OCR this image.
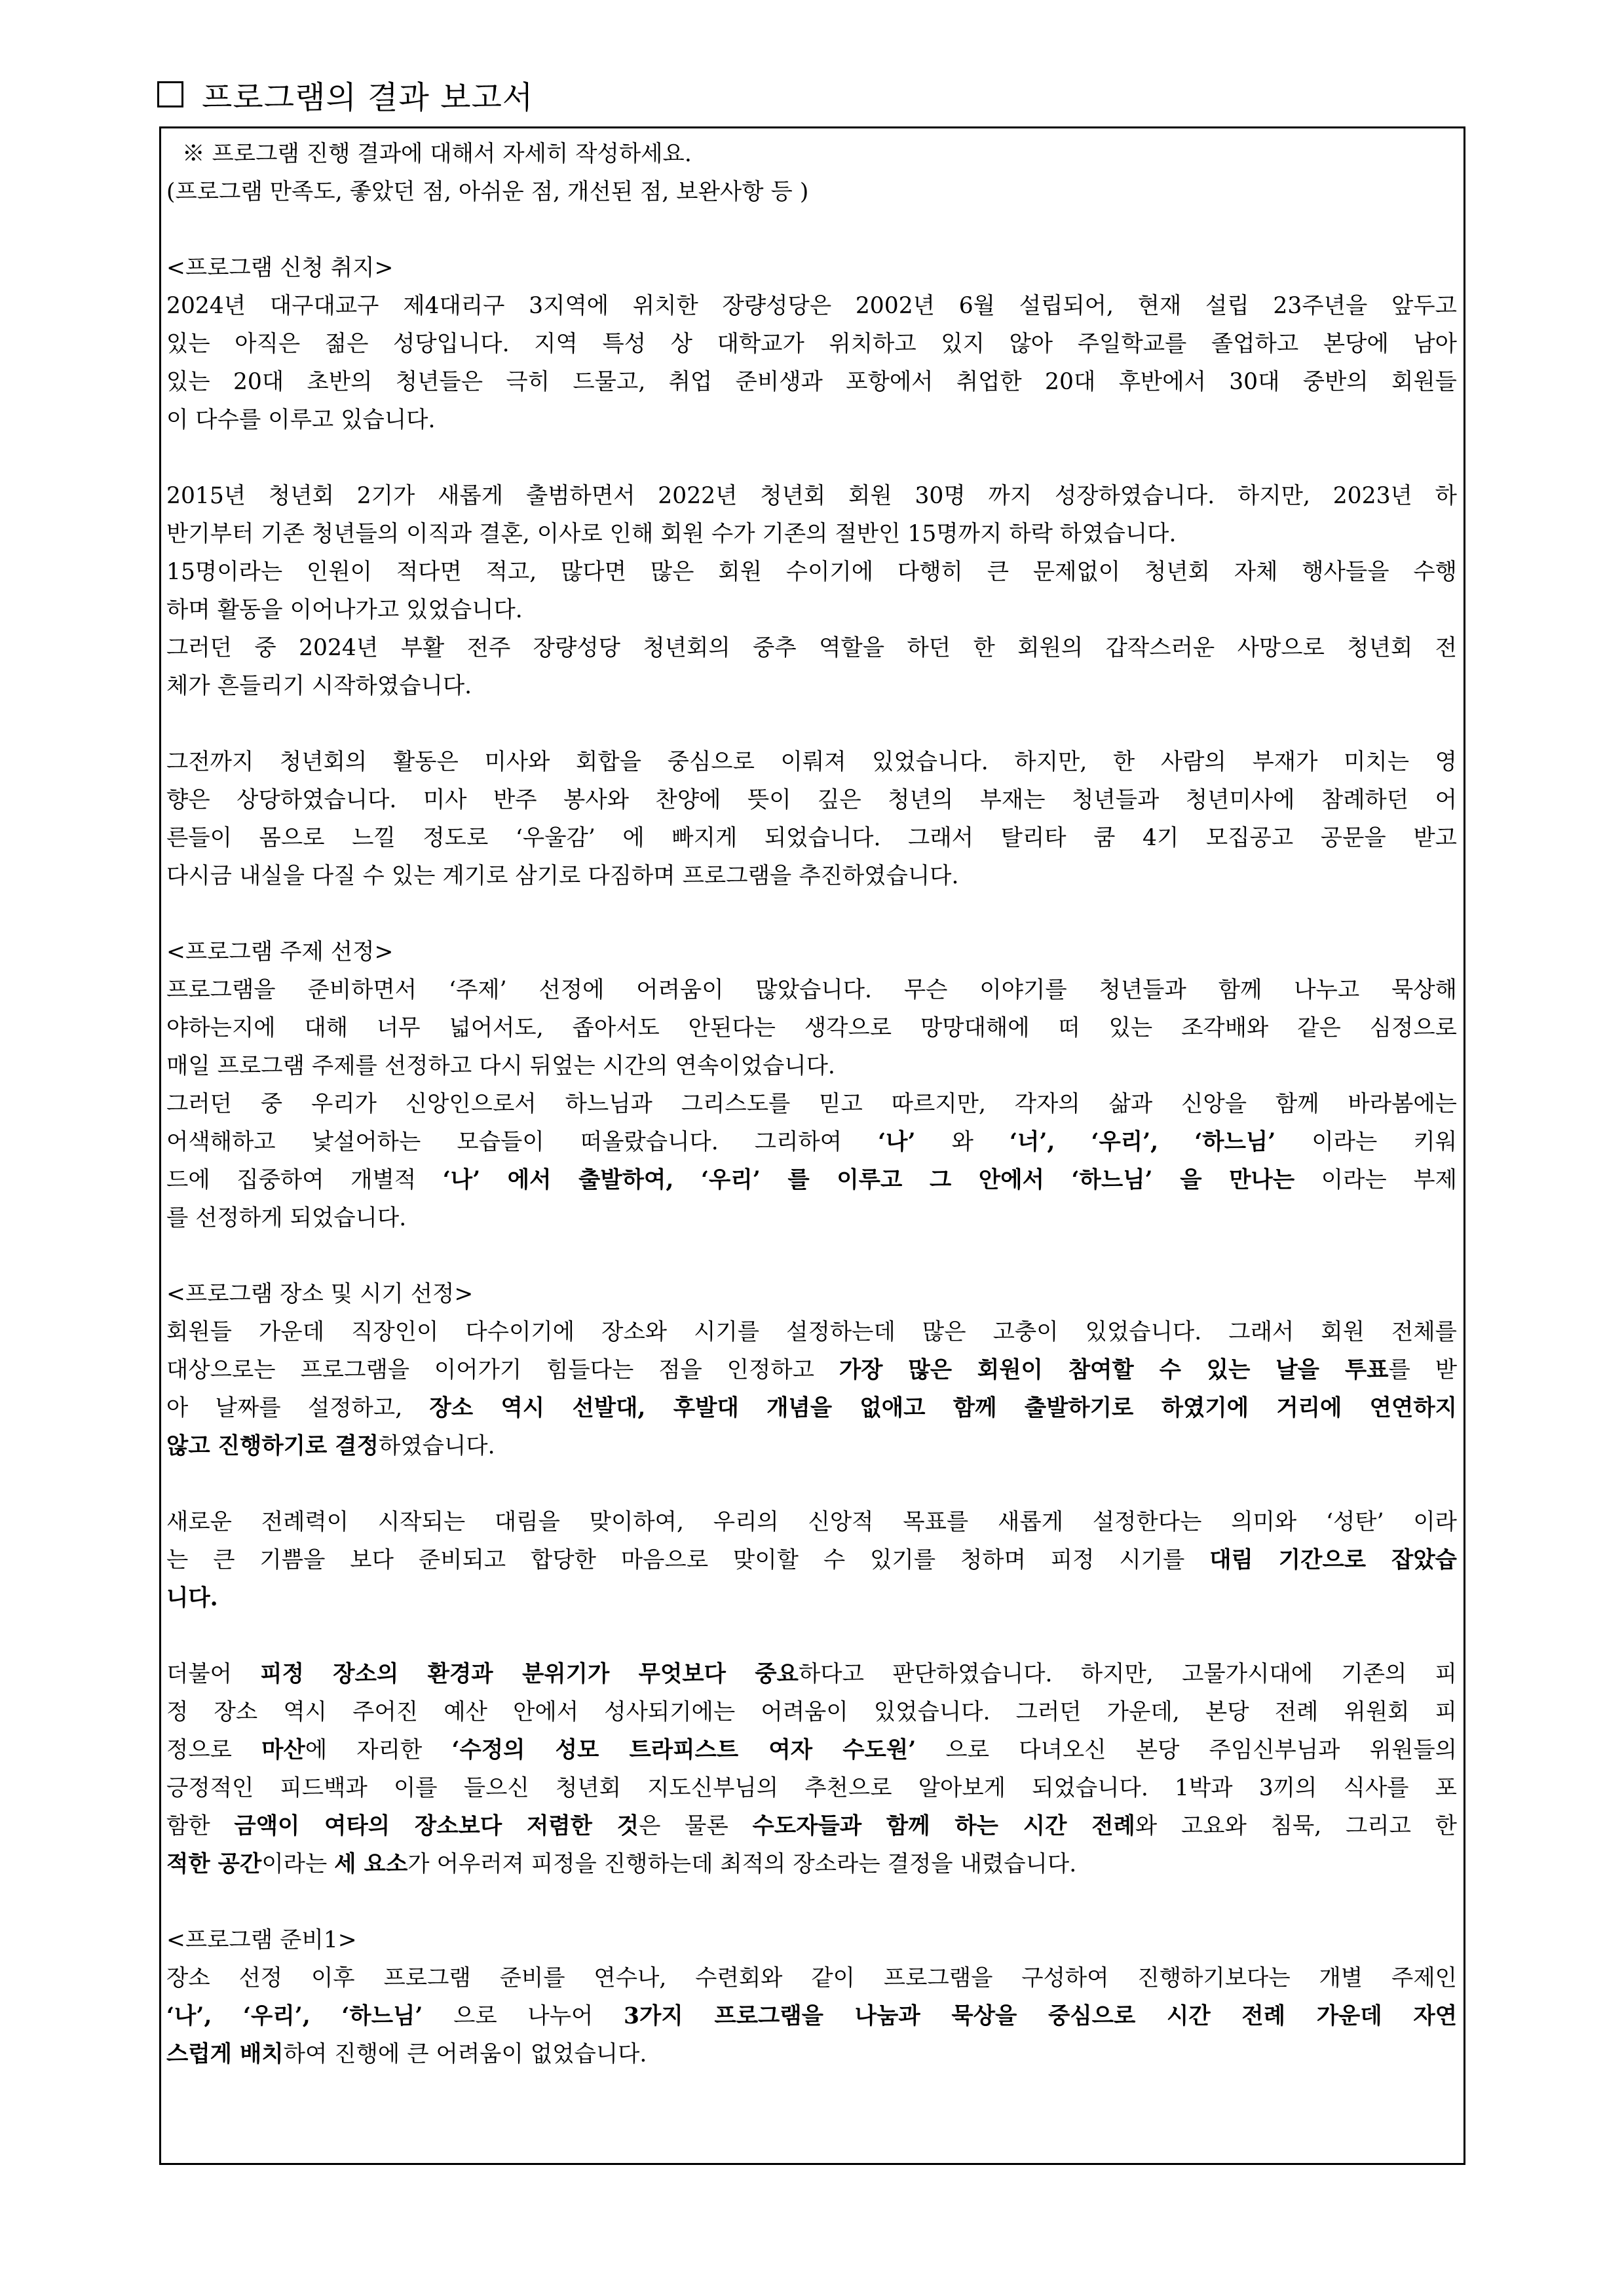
프로그램의 결과 보고서
※ 프로그램 진행 결과에 대해서 자세히 작성하세요.
(프로그램 만족도, 좋았던 점, 아쉬운 점, 개선된 점, 보완사항 등 )
<프로그램 신청 취지>
2024년 대구대교구 제4대리구 3지역에 위치한 장량성당은 2002년 6월 설립되어, 현재 설립 23주년을 앞두고
있는 아직은 젊은 성당입니다. 지역 특성 상 대학교가 위치하고 있지 않아 주일학교를 졸업하고 본당에 남아
있는 20대 초반의 청년들은 극히 드물고, 취업 준비생과 포항에서 취업한 20대 후반에서 30대 중반의 회원들
이 다수를 이루고 있습니다.
2015년 청년회 2기가 새롭게 출범하면서 2022년 청년회 회원 30명 까지 성장하였습니다. 하지만, 2023년 하
반기부터 기존 청년들의 이직과 결혼, 이사로 인해 회원 수가 기존의 절반인 15명까지 하락 하였습니다.
15명이라는 인원이 적다면 적고, 많다면 많은 회원 수이기에 다행히 큰 문제없이 청년회 자체 행사들을 수행
하며 활동을 이어나가고 있었습니다.
그러던 중 2024년 부활 전주 장량성당 청년회의 중추 역할을 하던 한 회원의 갑작스러운 사망으로 청년회 전
체가 흔들리기 시작하였습니다.
그전까지 청년회의 활동은 미사와 회합을 중심으로 이뤄져 있었습니다. 하지만, 한 사람의 부재가 미치는 영
향은 상당하였습니다. 미사 반주 봉사와 찬양에 뜻이 깊은 청년의 부재는 청년들과 청년미사에 참례하던 어
른들이 몸으로 느낄 정도로 ‘우울감’ 에 빠지게 되었습니다. 그래서 탈리타 쿰 4기 모집공고 공문을 받고
다시금 내실을 다질 수 있는 계기로 삼기로 다짐하며 프로그램을 추진하였습니다.
<프로그램 주제 선정>
프로그램을 준비하면서 ‘주제’ 선정에 어려움이 많았습니다. 무슨 이야기를 청년들과 함께 나누고 묵상해
야하는지에 대해 너무 넓어서도, 좁아서도 안된다는 생각으로 망망대해에 떠 있는 조각배와 같은 심정으로
매일 프로그램 주제를 선정하고 다시 뒤엎는 시간의 연속이었습니다.
그러던 중 우리가 신앙인으로서 하느님과 그리스도를 믿고 따르지만, 각자의 삶과 신앙을 함께 바라봄에는
어색해하고 낯설어하는 모습들이 떠올랐습니다. 그리하여 ‘나’ 와 ‘너’, ‘우리’, ‘하느님’ 이라는 키워
드에 집중하여 개별적 ‘나’ 에서 출발하여, ‘우리’ 를 이루고 그 안에서 ‘하느님’ 을 만나는 이라는 부제
를 선정하게 되었습니다.
<프로그램 장소 및 시기 선정>
회원들 가운데 직장인이 다수이기에 장소와 시기를 설정하는데 많은 고충이 있었습니다. 그래서 회원 전체를
대상으로는 프로그램을 이어가기 힘들다는 점을 인정하고 가장 많은 회원이 참여할 수 있는 날을 투표를 받
아 날짜를 설정하고, 장소 역시 선발대, 후발대 개념을 없애고 함께 출발하기로 하였기에 거리에 연연하지
않고 진행하기로 결정하였습니다.
새로운 전례력이 시작되는 대림을 맞이하여, 우리의 신앙적 목표를 새롭게 설정한다는 의미와 ‘성탄’ 이라
는 큰 기쁨을 보다 준비되고 합당한 마음으로 맞이할 수 있기를 청하며 피정 시기를 대림 기간으로 잡았습
니다.
더불어 피정 장소의 환경과 분위기가 무엇보다 중요하다고 판단하였습니다. 하지만, 고물가시대에 기존의 피
정 장소 역시 주어진 예산 안에서 성사되기에는 어려움이 있었습니다. 그러던 가운데, 본당 전례 위원회 피
정으로 마산에 자리한 ‘수정의 성모 트라피스트 여자 수도원’ 으로 다녀오신 본당 주임신부님과 위원들의
긍정적인 피드백과 이를 들으신 청년회 지도신부님의 추천으로 알아보게 되었습니다. 1박과 3끼의 식사를 포
함한 금액이 여타의 장소보다 저렴한 것은 물론 수도자들과 함께 하는 시간 전례와 고요와 침묵, 그리고 한
적한 공간이라는 세 요소가 어우러져 피정을 진행하는데 최적의 장소라는 결정을 내렸습니다.
<프로그램 준비1>
장소 선정 이후 프로그램 준비를 연수나, 수련회와 같이 프로그램을 구성하여 진행하기보다는 개별 주제인
‘나’, ‘우리’, ‘하느님’ 으로 나누어 3가지 프로그램을 나눔과 묵상을 중심으로 시간 전례 가운데 자연
스럽게 배치하여 진행에 큰 어려움이 없었습니다.
